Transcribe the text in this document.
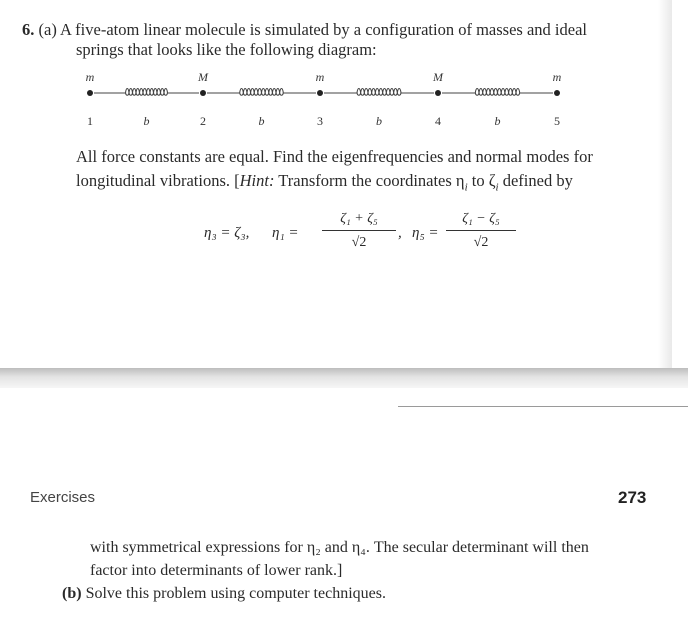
6. (a) A five-atom linear molecule is simulated by a configuration of masses and ideal
springs that looks like the following diagram:
b	b	b	b
m
1
M
2
m
3
M
4
m
5
All force constants are equal. Find the eigenfrequencies and normal modes for
longitudinal vibrations. [Hint: Transform the coordinates $\eta_i$ to $\zeta_i$ defined by
η₃ = ζ₃, η₁ =
ζ₁ + ζ₅
√2
, η₅ =
ζ₁ − ζ₅
√2
Exercises	273
with symmetrical expressions for η₂ and η₄. The secular determinant will then
factor into determinants of lower rank.]
(b) Solve this problem using computer techniques.
